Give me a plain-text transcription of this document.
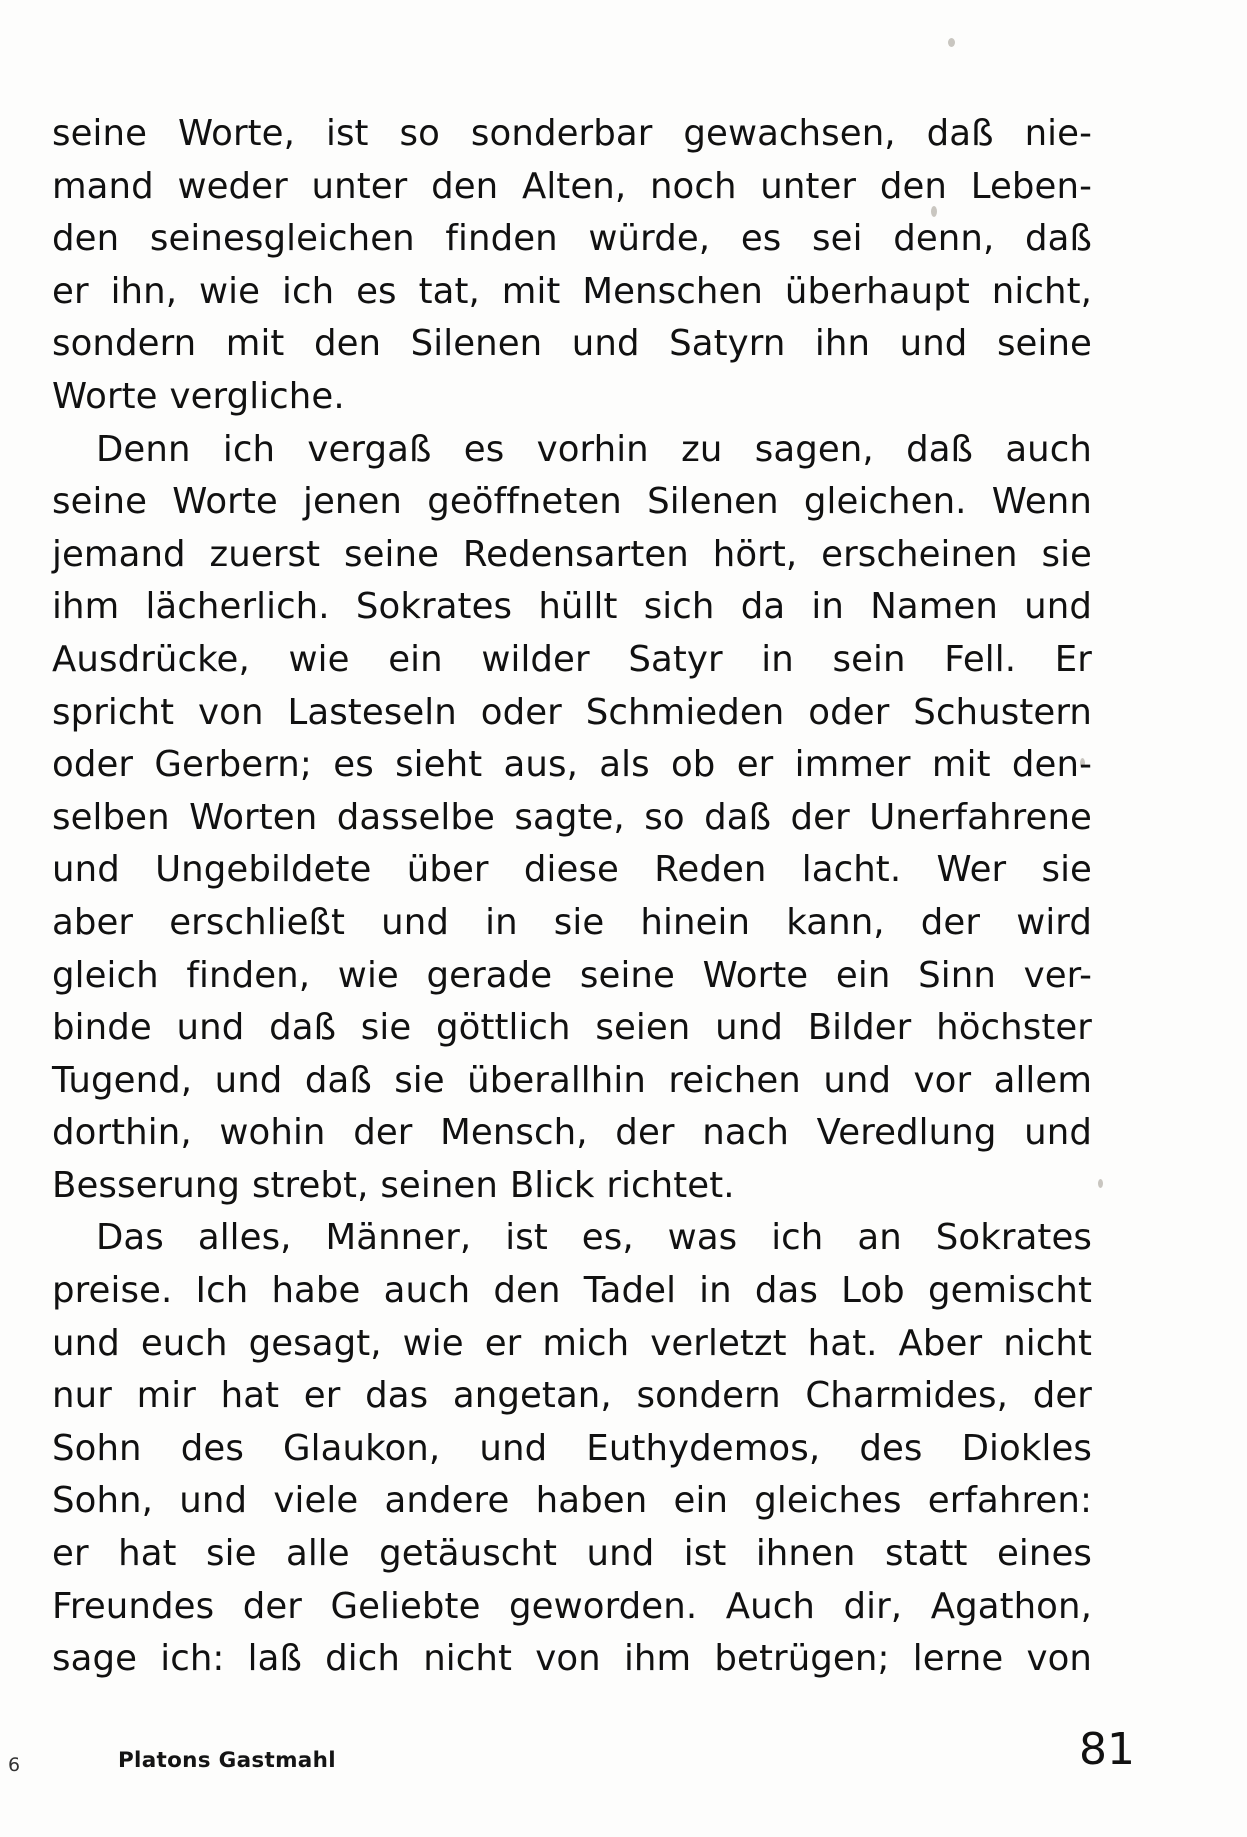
seine Worte, ist so sonderbar gewachsen, daß nie-
mand weder unter den Alten, noch unter den Leben-
den seinesgleichen finden würde, es sei denn, daß
er ihn, wie ich es tat, mit Menschen überhaupt nicht,
sondern mit den Silenen und Satyrn ihn und seine
Worte vergliche.

Denn ich vergaß es vorhin zu sagen, daß auch
seine Worte jenen geöffneten Silenen gleichen. Wenn
jemand zuerst seine Redensarten hört, erscheinen sie
ihm lächerlich. Sokrates hüllt sich da in Namen und
Ausdrücke, wie ein wilder Satyr in sein Fell. Er
spricht von Lasteseln oder Schmieden oder Schustern
oder Gerbern; es sieht aus, als ob er immer mit den-
selben Worten dasselbe sagte, so daß der Unerfahrene
und Ungebildete über diese Reden lacht. Wer sie
aber erschließt und in sie hinein kann, der wird
gleich finden, wie gerade seine Worte ein Sinn ver-
binde und daß sie göttlich seien und Bilder höchster
Tugend, und daß sie überallhin reichen und vor allem
dorthin, wohin der Mensch, der nach Veredlung und
Besserung strebt, seinen Blick richtet.

Das alles, Männer, ist es, was ich an Sokrates
preise. Ich habe auch den Tadel in das Lob gemischt
und euch gesagt, wie er mich verletzt hat. Aber nicht
nur mir hat er das angetan, sondern Charmides, der
Sohn des Glaukon, und Euthydemos, des Diokles
Sohn, und viele andere haben ein gleiches erfahren:
er hat sie alle getäuscht und ist ihnen statt eines
Freundes der Geliebte geworden. Auch dir, Agathon,
sage ich: laß dich nicht von ihm betrügen; lerne von

6	Platons Gastmahl	81
